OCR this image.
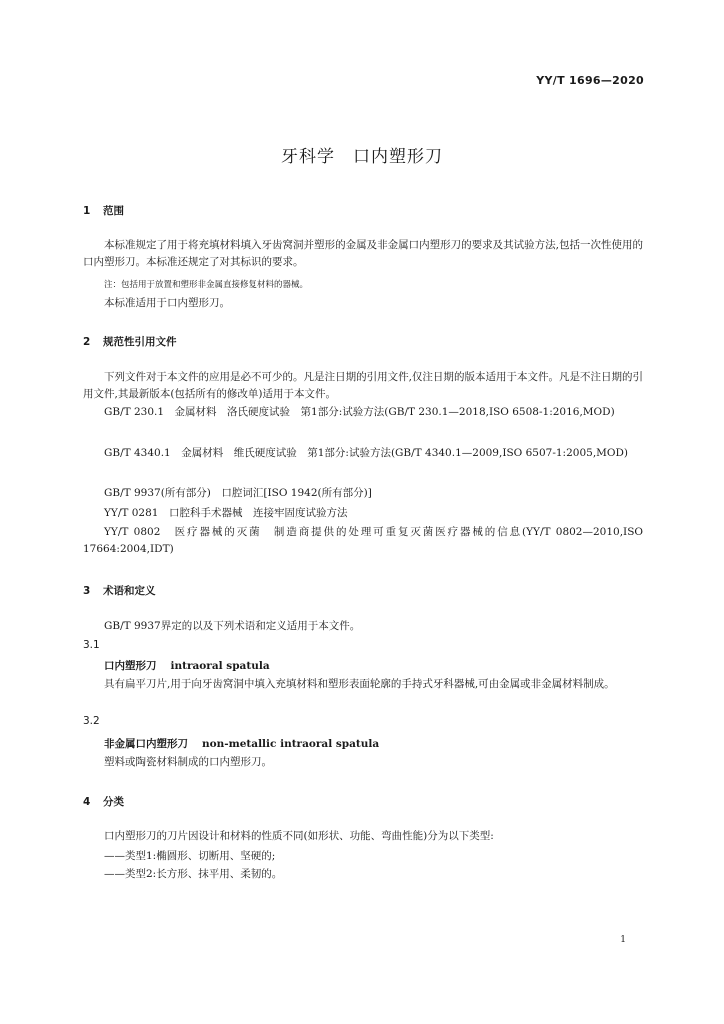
YY/T 1696—2020
牙科学　口内塑形刀
1 范围

本标准规定了用于将充填材料填入牙齿窝洞并塑形的金属及非金属口内塑形刀的要求及其试验方法,包括一次性使用的口内塑形刀。本标准还规定了对其标识的要求。

注：包括用于放置和塑形非金属直接修复材料的器械。

本标准适用于口内塑形刀。

2 规范性引用文件

下列文件对于本文件的应用是必不可少的。凡是注日期的引用文件,仅注日期的版本适用于本文件。凡是不注日期的引用文件,其最新版本(包括所有的修改单)适用于本文件。

GB/T 230.1　金属材料　洛氏硬度试验　第1部分:试验方法(GB/T 230.1—2018,ISO 6508-1:2016,MOD)

GB/T 4340.1　金属材料　维氏硬度试验　第1部分:试验方法(GB/T 4340.1—2009,ISO 6507-1:2005,MOD)

GB/T 9937(所有部分)　口腔词汇[ISO 1942(所有部分)]

YY/T 0281　口腔科手术器械　连接牢固度试验方法

YY/T 0802　医疗器械的灭菌　制造商提供的处理可重复灭菌医疗器械的信息(YY/T 0802—2010,ISO 17664:2004,IDT)

3 术语和定义

GB/T 9937界定的以及下列术语和定义适用于本文件。

3.1
口内塑形刀 intraoral spatula

具有扁平刀片,用于向牙齿窝洞中填入充填材料和塑形表面轮廓的手持式牙科器械,可由金属或非金属材料制成。

3.2
非金属口内塑形刀 non-metallic intraoral spatula

塑料或陶瓷材料制成的口内塑形刀。

4 分类

口内塑形刀的刀片因设计和材料的性质不同(如形状、功能、弯曲性能)分为以下类型:

——类型1:椭圆形、切断用、坚硬的;

——类型2:长方形、抹平用、柔韧的。

1
